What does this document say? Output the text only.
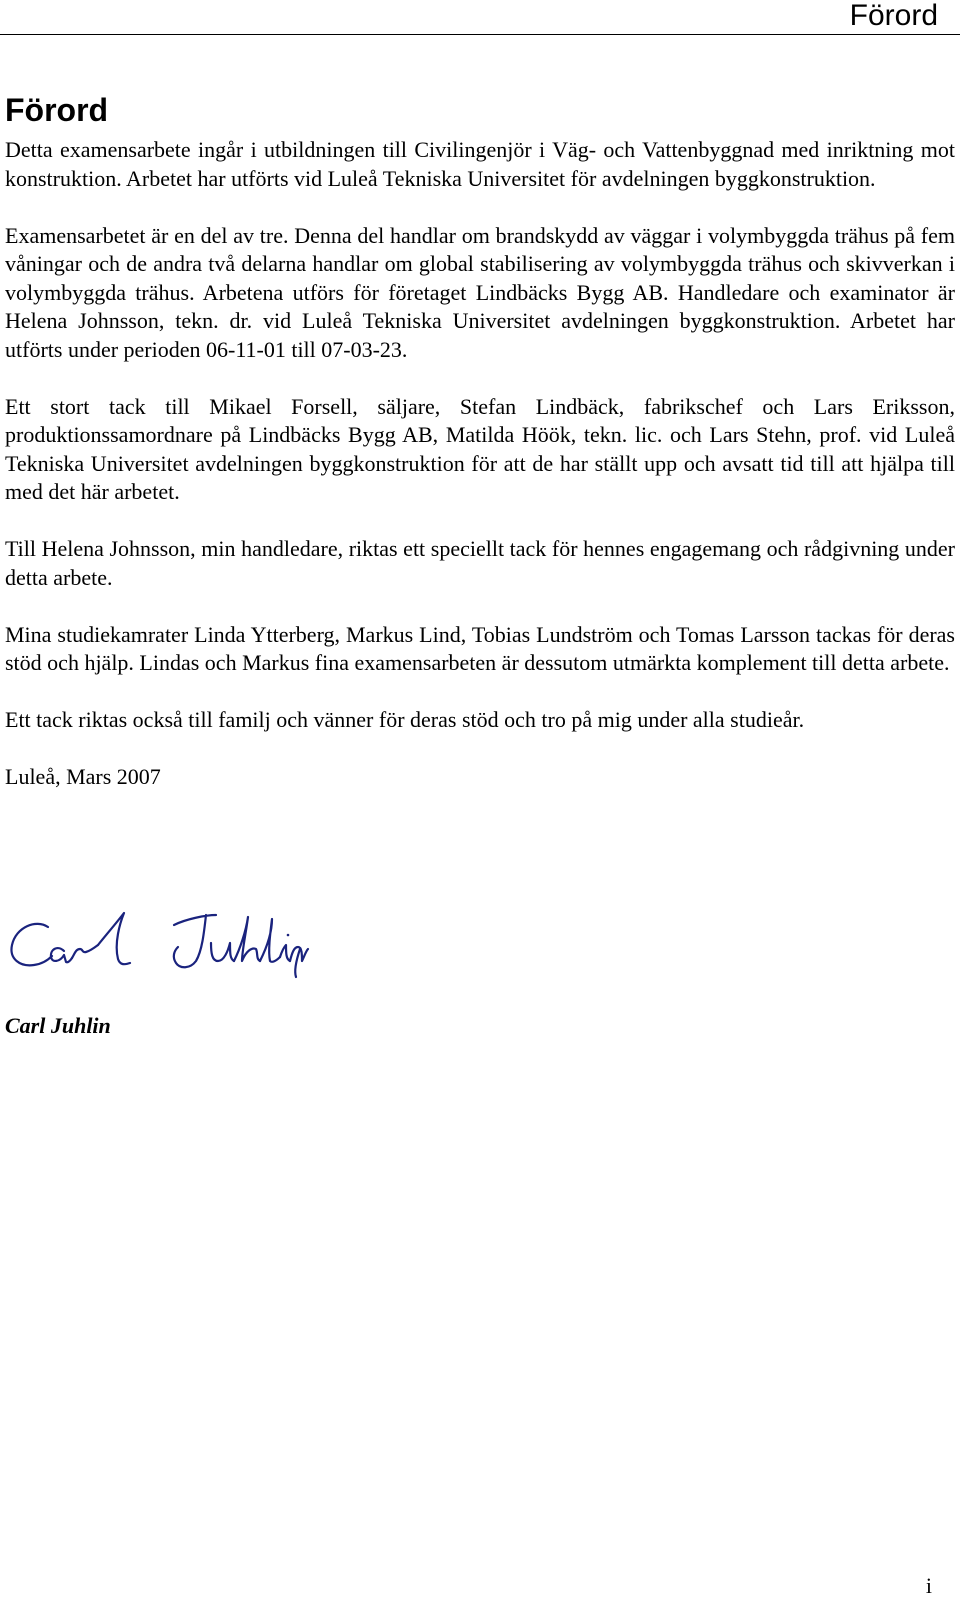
Förord
Förord

Detta examensarbete ingår i utbildningen till Civilingenjör i Väg- och Vattenbyggnad med inriktning mot konstruktion. Arbetet har utförts vid Luleå Tekniska Universitet för avdelningen byggkonstruktion.

Examensarbetet är en del av tre. Denna del handlar om brandskydd av väggar i volymbyggda trähus på fem våningar och de andra två delarna handlar om global stabilisering av volymbyggda trähus och skivverkan i volymbyggda trähus. Arbetena utförs för företaget Lindbäcks Bygg AB. Handledare och examinator är Helena Johnsson, tekn. dr. vid Luleå Tekniska Universitet avdelningen byggkonstruktion. Arbetet har utförts under perioden 06-11-01 till 07-03-23.

Ett stort tack till Mikael Forsell, säljare, Stefan Lindbäck, fabrikschef och Lars Eriksson, produktionssamordnare på Lindbäcks Bygg AB, Matilda Höök, tekn. lic. och Lars Stehn, prof. vid Luleå Tekniska Universitet avdelningen byggkonstruktion för att de har ställt upp och avsatt tid till att hjälpa till med det här arbetet.

Till Helena Johnsson, min handledare, riktas ett speciellt tack för hennes engagemang och rådgivning under detta arbete.

Mina studiekamrater Linda Ytterberg, Markus Lind, Tobias Lundström och Tomas Larsson tackas för deras stöd och hjälp. Lindas och Markus fina examensarbeten är dessutom utmärkta komplement till detta arbete.

Ett tack riktas också till familj och vänner för deras stöd och tro på mig under alla studieår.

Luleå, Mars 2007

Carl Juhlin
i
